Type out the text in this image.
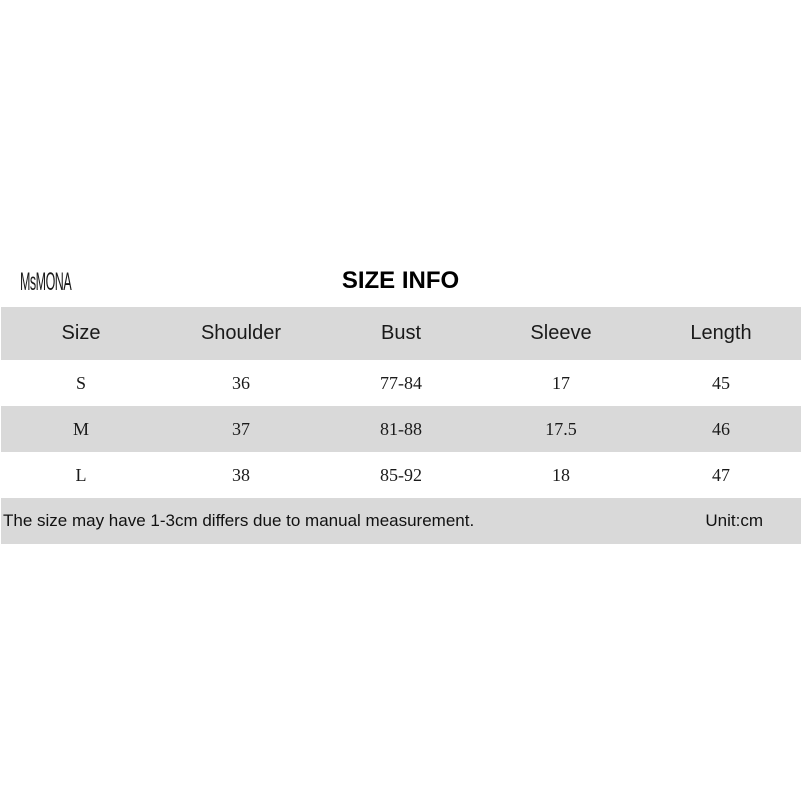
MsMONA	SIZE INFO
Size	Shoulder	Bust	Sleeve	Length
S	36	77-84	17	45
M	37	81-88	17.5	46
L	38	85-92	18	47
The size may have 1-3cm differs due to manual measurement.	Unit:cm
